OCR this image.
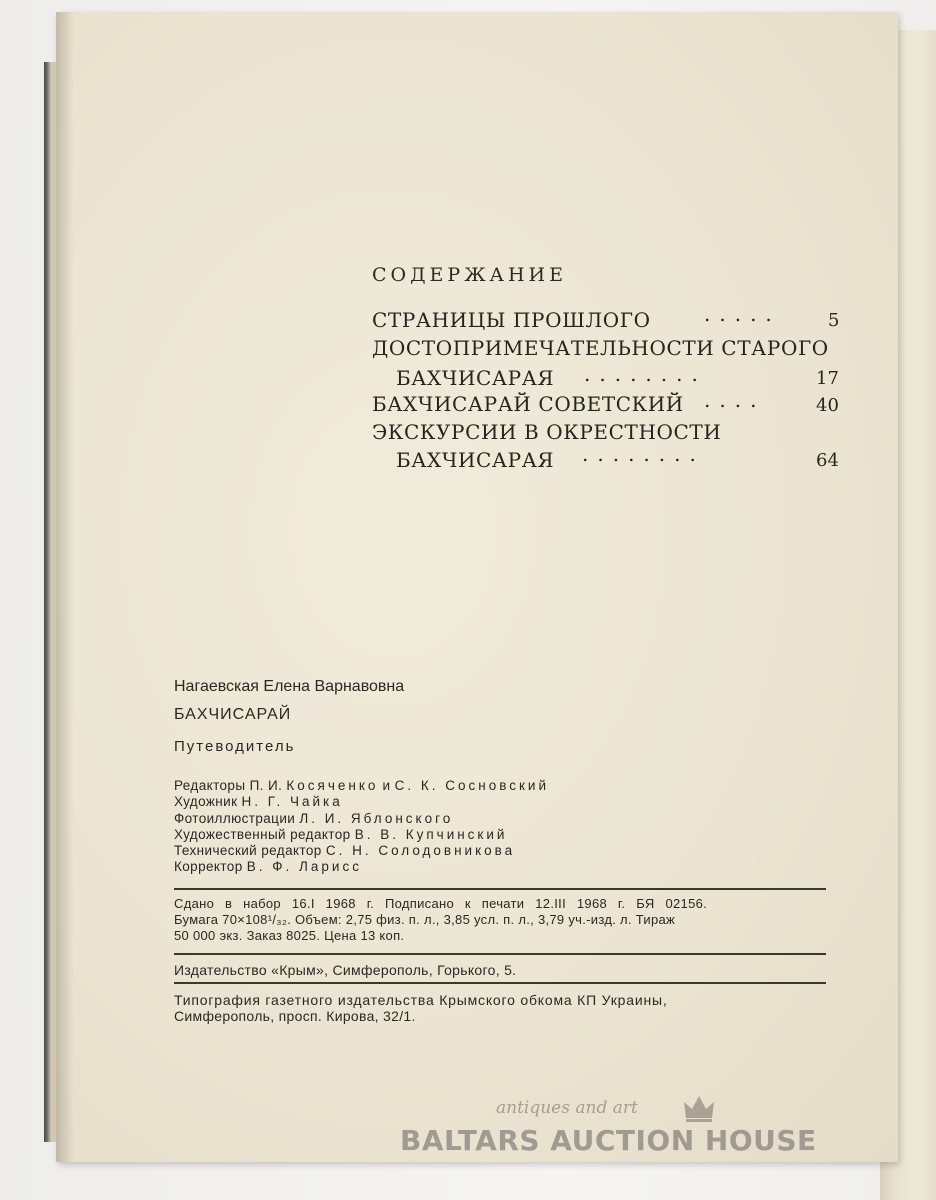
СОДЕРЖАНИЕ
СТРАНИЦЫ ПРОШЛОГО	.....	5
ДОСТОПРИМЕЧАТЕЛЬНОСТИ СТАРОГО
БАХЧИСАРАЯ ........	17
БАХЧИСАРАЙ СОВЕТСКИЙ ....	40
ЭКСКУРСИИ В ОКРЕСТНОСТИ
БАХЧИСАРАЯ ........	64
Нагаевская Елена Варнавовна
БАХЧИСАРАЙ
Путеводитель
Редакторы П. И. Косяченко и С. К. Сосновский
Художник Н. Г. Чайка
Фотоиллюстрации Л. И. Яблонского
Художественный редактор В. В. Купчинский
Технический редактор С. Н. Солодовникова
Корректор В. Ф. Ларисс
Сдано в набор 16.I 1968 г. Подписано к печати 12.III 1968 г. БЯ 02156.
Бумага 70×108¹/₃₂. Объем: 2,75 физ. п. л., 3,85 усл. п. л., 3,79 уч.-изд. л. Тираж
50 000 экз. Заказ 8025. Цена 13 коп.
Издательство «Крым», Симферополь, Горького, 5.
Типография газетного издательства Крымского обкома КП Украины,
Симферополь, просп. Кирова, 32/1.
antiques and art
BALTARS AUCTION HOUSE
